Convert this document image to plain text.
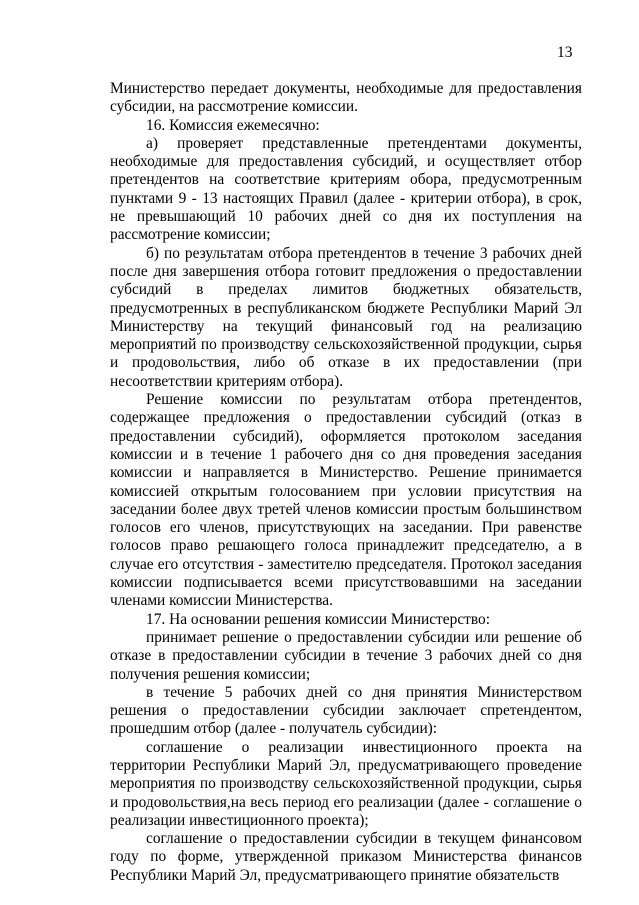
13

Министерство передает документы, необходимые для предоставления субсидии, на рассмотрение комиссии.

16. Комиссия ежемесячно:

а) проверяет представленные претендентами документы, необходимые для предоставления субсидий, и осуществляет отбор претендентов на соответствие критериям обора, предусмотренным пунктами 9 - 13 настоящих Правил (далее - критерии отбора), в срок, не превышающий 10 рабочих дней со дня их поступления на рассмотрение комиссии;

б) по результатам отбора претендентов в течение 3 рабочих дней после дня завершения отбора готовит предложения о предоставлении субсидий в пределах лимитов бюджетных обязательств, предусмотренных в республиканском бюджете Республики Марий Эл Министерству на текущий финансовый год на реализацию мероприятий по производству сельскохозяйственной продукции, сырья и продовольствия, либо об отказе в их предоставлении (при несоответствии критериям отбора).

Решение комиссии по результатам отбора претендентов, содержащее предложения о предоставлении субсидий (отказ в предоставлении субсидий), оформляется протоколом заседания комиссии и в течение 1 рабочего дня со дня проведения заседания комиссии и направляется в Министерство. Решение принимается комиссией открытым голосованием при условии присутствия на заседании более двух третей членов комиссии простым большинством голосов его членов, присутствующих на заседании. При равенстве голосов право решающего голоса принадлежит председателю, а в случае его отсутствия - заместителю председателя. Протокол заседания комиссии подписывается всеми присутствовавшими на заседании членами комиссии Министерства.

17. На основании решения комиссии Министерство:

принимает решение о предоставлении субсидии или решение об отказе в предоставлении субсидии в течение 3 рабочих дней со дня получения решения комиссии;

в течение 5 рабочих дней со дня принятия Министерством решения о предоставлении субсидии заключает спретендентом, прошедшим отбор (далее - получатель субсидии):

соглашение о реализации инвестиционного проекта на территории Республики Марий Эл, предусматривающего проведение мероприятия по производству сельскохозяйственной продукции, сырья и продовольствия,на весь период его реализации (далее - соглашение о реализации инвестиционного проекта);

соглашение о предоставлении субсидии в текущем финансовом году по форме, утвержденной приказом Министерства финансов Республики Марий Эл, предусматривающего принятие обязательств
